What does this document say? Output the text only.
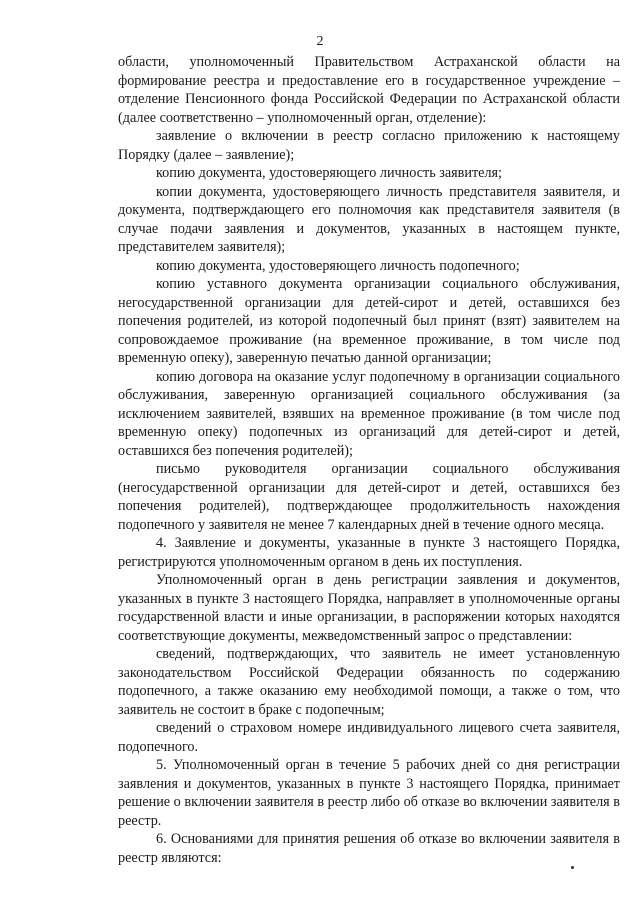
2

области, уполномоченный Правительством Астраханской области на формирование реестра и предоставление его в государственное учреждение – отделение Пенсионного фонда Российской Федерации по Астраханской области (далее соответственно – уполномоченный орган, отделение):

заявление о включении в реестр согласно приложению к настоящему Порядку (далее – заявление);

копию документа, удостоверяющего личность заявителя;

копии документа, удостоверяющего личность представителя заявителя, и документа, подтверждающего его полномочия как представителя заявителя (в случае подачи заявления и документов, указанных в настоящем пункте, представителем заявителя);

копию документа, удостоверяющего личность подопечного;

копию уставного документа организации социального обслуживания, негосударственной организации для детей-сирот и детей, оставшихся без попечения родителей, из которой подопечный был принят (взят) заявителем на сопровождаемое проживание (на временное проживание, в том числе под временную опеку), заверенную печатью данной организации;

копию договора на оказание услуг подопечному в организации социального обслуживания, заверенную организацией социального обслуживания (за исключением заявителей, взявших на временное проживание (в том числе под временную опеку) подопечных из организаций для детей-сирот и детей, оставшихся без попечения родителей);

письмо руководителя организации социального обслуживания (негосударственной организации для детей-сирот и детей, оставшихся без попечения родителей), подтверждающее продолжительность нахождения подопечного у заявителя не менее 7 календарных дней в течение одного месяца.

4. Заявление и документы, указанные в пункте 3 настоящего Порядка, регистрируются уполномоченным органом в день их поступления.

Уполномоченный орган в день регистрации заявления и документов, указанных в пункте 3 настоящего Порядка, направляет в уполномоченные органы государственной власти и иные организации, в распоряжении которых находятся соответствующие документы, межведомственный запрос о представлении:

сведений, подтверждающих, что заявитель не имеет установленную законодательством Российской Федерации обязанность по содержанию подопечного, а также оказанию ему необходимой помощи, а также о том, что заявитель не состоит в браке с подопечным;

сведений о страховом номере индивидуального лицевого счета заявителя, подопечного.

5. Уполномоченный орган в течение 5 рабочих дней со дня регистрации заявления и документов, указанных в пункте 3 настоящего Порядка, принимает решение о включении заявителя в реестр либо об отказе во включении заявителя в реестр.

6. Основаниями для принятия решения об отказе во включении заявителя в реестр являются:
